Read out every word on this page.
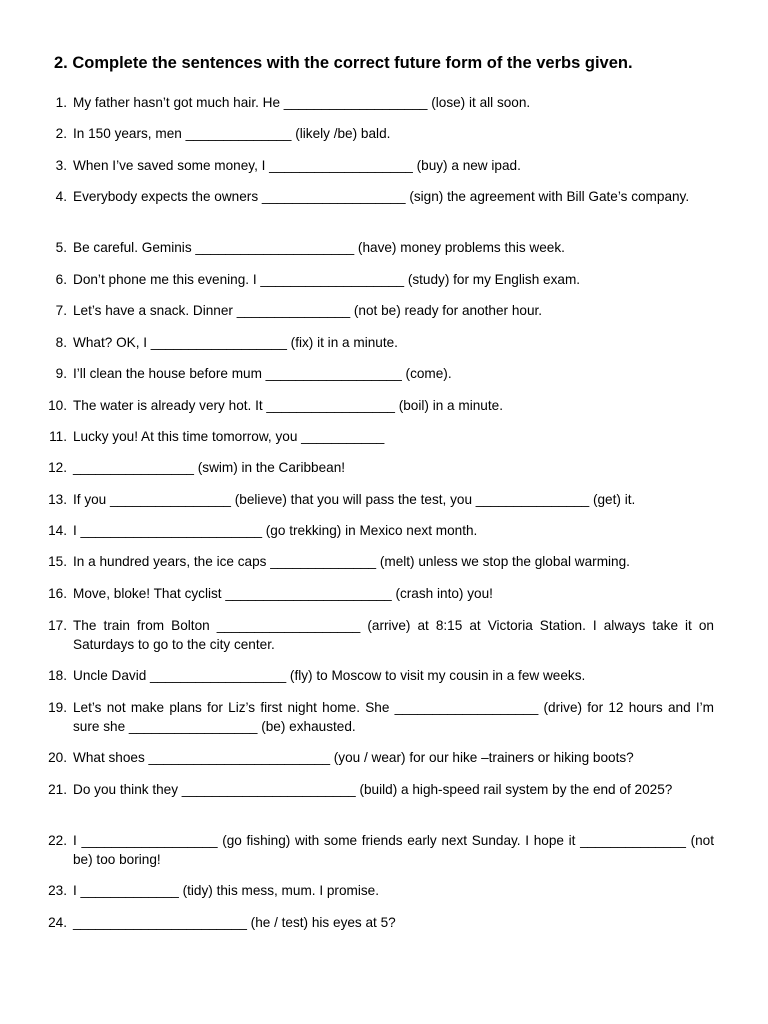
2. Complete the sentences with the correct future form of the verbs given.
1. My father hasn’t got much hair. He ___________________ (lose) it all soon.
2. In 150 years, men ______________ (likely /be) bald.
3. When I’ve saved some money, I ___________________ (buy) a new ipad.
4. Everybody expects the owners ___________________ (sign) the agreement with Bill Gate’s company.
5. Be careful. Geminis _____________________ (have) money problems this week.
6. Don’t phone me this evening. I ___________________ (study) for my English exam.
7. Let’s have a snack. Dinner _______________ (not be) ready for another hour.
8. What? OK, I __________________ (fix) it in a minute.
9. I’ll clean the house before mum __________________ (come).
10. The water is already very hot. It _________________ (boil) in a minute.
11. Lucky you! At this time tomorrow, you ___________
12. ________________ (swim) in the Caribbean!
13. If you ________________ (believe) that you will pass the test, you _______________ (get) it.
14. I ________________________ (go trekking) in Mexico next month.
15. In a hundred years, the ice caps ______________ (melt) unless we stop the global warming.
16. Move, bloke! That cyclist ______________________ (crash into) you!
17. The train from Bolton ___________________ (arrive) at 8:15 at Victoria Station. I always take it on Saturdays to go to the city center.
18. Uncle David __________________ (fly) to Moscow to visit my cousin in a few weeks.
19. Let’s not make plans for Liz’s first night home. She ___________________ (drive) for 12 hours and I’m sure she _________________ (be) exhausted.
20. What shoes ________________________ (you / wear) for our hike –trainers or hiking boots?
21. Do you think they _______________________ (build) a high-speed rail system by the end of 2025?
22. I __________________ (go fishing) with some friends early next Sunday. I hope it ______________ (not be) too boring!
23. I _____________ (tidy) this mess, mum. I promise.
24. _______________________ (he / test) his eyes at 5?
